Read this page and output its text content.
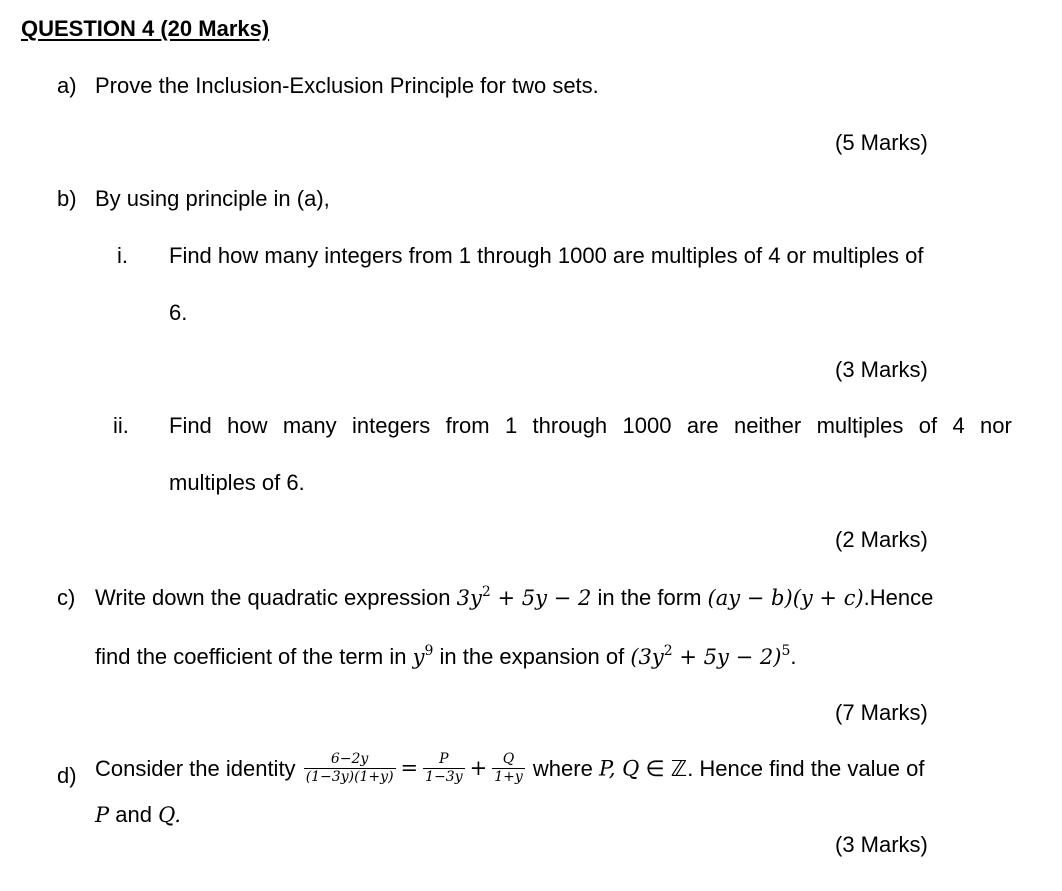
QUESTION 4 (20 Marks)
a) Prove the Inclusion-Exclusion Principle for two sets.
(5 Marks)
b) By using principle in (a),
i. Find how many integers from 1 through 1000 are multiples of 4 or multiples of
6.
(3 Marks)
ii. Find how many integers from 1 through 1000 are neither multiples of 4 nor
multiples of 6.
(2 Marks)
c) Write down the quadratic expression $3y^2 + 5y - 2$ in the form (ay − b)(y + c).Hence
find the coefficient of the term in $y^9$ in the expansion of $(3y^2 + 5y - 2)^5$.
(7 Marks)
d) Consider the identity $\frac{6-2y}{(1-3y)(1+y)} = \frac{P}{1-3y} + \frac{Q}{1+y}$ where P, Q ∈ ℤ. Hence find the value of
P and Q.
(3 Marks)
